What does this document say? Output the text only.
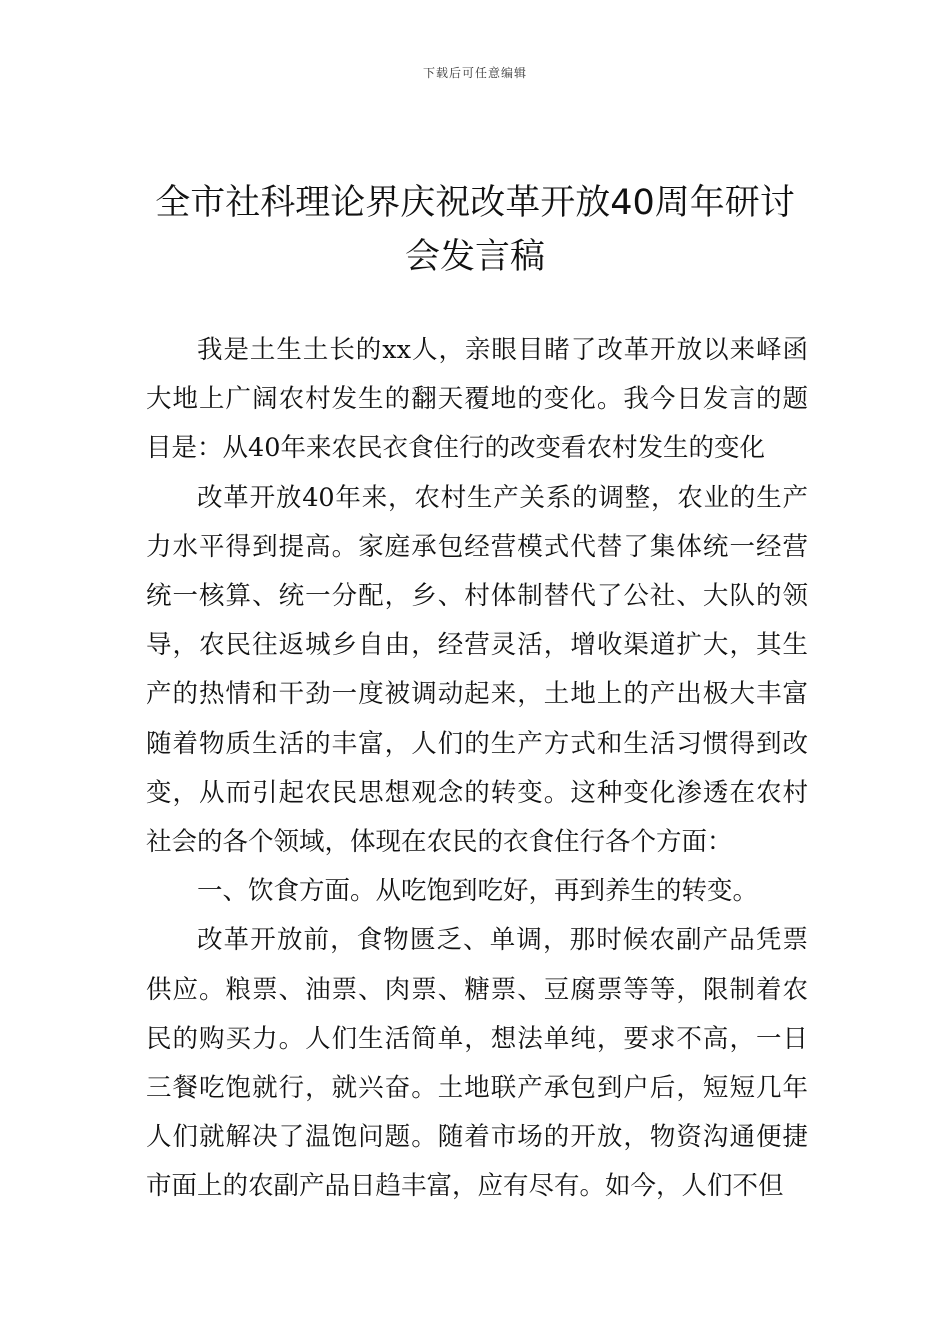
下载后可任意编辑
全市社科理论界庆祝改革开放40周年研讨会发言稿

我是土生土长的xx人，亲眼目睹了改革开放以来峄函大地上广阔农村发生的翻天覆地的变化。我今日发言的题目是：从40年来农民衣食住行的改变看农村发生的变化

改革开放40年来，农村生产关系的调整，农业的生产力水平得到提高。家庭承包经营模式代替了集体统一经营统一核算、统一分配，乡、村体制替代了公社、大队的领导，农民往返城乡自由，经营灵活，增收渠道扩大，其生产的热情和干劲一度被调动起来，土地上的产出极大丰富随着物质生活的丰富，人们的生产方式和生活习惯得到改变，从而引起农民思想观念的转变。这种变化渗透在农村社会的各个领域，体现在农民的衣食住行各个方面：

一、饮食方面。从吃饱到吃好，再到养生的转变。

改革开放前，食物匮乏、单调，那时候农副产品凭票供应。粮票、油票、肉票、糖票、豆腐票等等，限制着农民的购买力。人们生活简单，想法单纯，要求不高，一日三餐吃饱就行，就兴奋。土地联产承包到户后，短短几年人们就解决了温饱问题。随着市场的开放，物资沟通便捷市面上的农副产品日趋丰富，应有尽有。如今，人们不但
